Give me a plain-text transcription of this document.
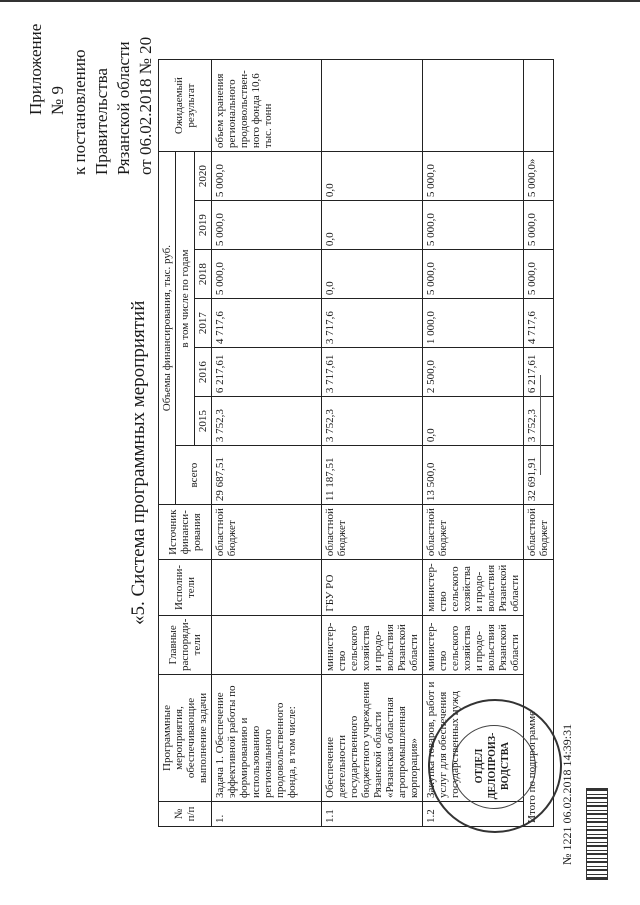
Приложение № 9 к постановлению Правительства Рязанской области от 06.02.2018 № 20
«5. Система программных мероприятий
№ п/п	Программные мероприятия, обеспечивающие выполнение задачи	Главные распоряди-тели	Исполни-тели	Источник финанси-рования	Объемы финансирования, тыс. руб.							Ожидаемый результат
					всего	в том числе по годам						
						2015	2016	2017	2018	2019	2020	
1.	Задача 1. Обеспечение эффективной работы по формированию и использованию регионального продовольственного фонда, в том числе:			областной бюджет	29 687,51	3 752,3	6 217,61	4 717,6	5 000,0	5 000,0	5 000,0	объем хранения регионального продовольствен-ного фонда 10,6 тыс. тонн
1.1	Обеспечение деятельности государственного бюджетного учреждения Рязанской области «Рязанская областная агропромышленная корпорация»	министер-ство сельского хозяйства и продо-вольствия Рязанской области	ГБУ РО	областной бюджет	11 187,51	3 752,3	3 717,61	3 717,6	0,0	0,0	0,0	
1.2	Закупка товаров, работ и услуг для обеспечения государственных нужд	министер-ство сельского хозяйства и продо-вольствия Рязанской области	министер-ство сельского хозяйства и продо-вольствия Рязанской области	областной бюджет	13 500,0	0,0	2 500,0	1 000,0	5 000,0	5 000,0	5 000,0	
Итого по подпрограмме				областной бюджет	32 691,91	3 752,3	6 217,61	4 717,6	5 000,0	5 000,0	5 000,0»	
ОТДЕЛ ДЕЛОПРОИЗ- ВОДСТВА	№ 1221 06.02.2018 14:39:31
